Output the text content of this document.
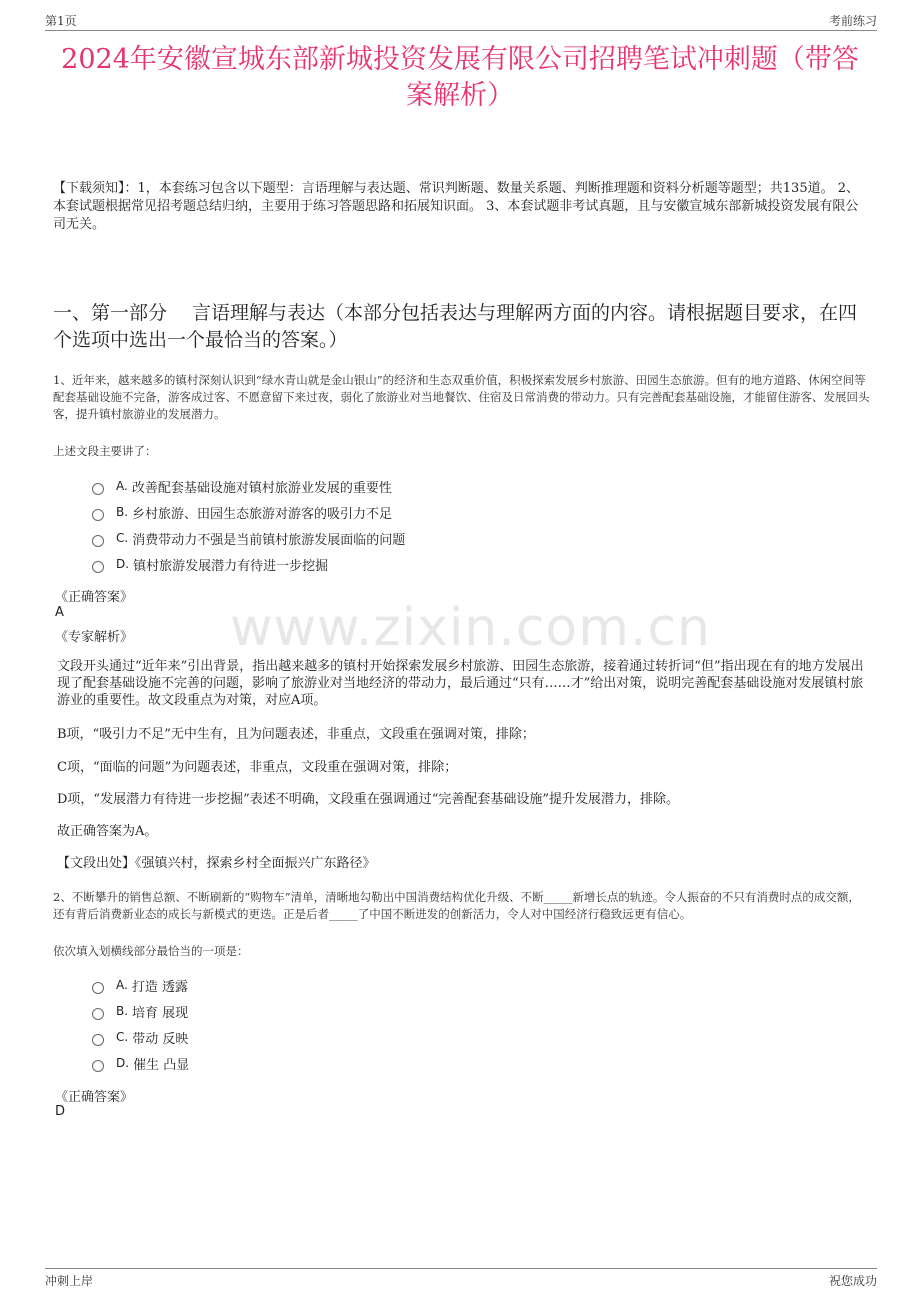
第1页	考前练习
2024年安徽宣城东部新城投资发展有限公司招聘笔试冲刺题（带答案解析）
【下载须知】：1，本套练习包含以下题型：言语理解与表达题、常识判断题、数量关系题、判断推理题和资料分析题等题型；共135道。 2、本套试题根据常见招考题总结归纳，主要用于练习答题思路和拓展知识面。 3、本套试题非考试真题，且与安徽宣城东部新城投资发展有限公司无关。
一、第一部分　 言语理解与表达（本部分包括表达与理解两方面的内容。请根据题目要求，在四个选项中选出一个最恰当的答案。）
www.zixin.com.cn
1、近年来，越来越多的镇村深刻认识到“绿水青山就是金山银山”的经济和生态双重价值，积极探索发展乡村旅游、田园生态旅游。但有的地方道路、休闲空间等配套基础设施不完备，游客成过客、不愿意留下来过夜，弱化了旅游业对当地餐饮、住宿及日常消费的带动力。只有完善配套基础设施，才能留住游客、发展回头客，提升镇村旅游业的发展潜力。
上述文段主要讲了：
A. 改善配套基础设施对镇村旅游业发展的重要性
B. 乡村旅游、田园生态旅游对游客的吸引力不足
C. 消费带动力不强是当前镇村旅游发展面临的问题
D. 镇村旅游发展潜力有待进一步挖掘
《正确答案》
A
《专家解析》
文段开头通过“近年来”引出背景，指出越来越多的镇村开始探索发展乡村旅游、田园生态旅游，接着通过转折词“但”指出现在有的地方发展出现了配套基础设施不完善的问题，影响了旅游业对当地经济的带动力，最后通过“只有……才”给出对策，说明完善配套基础设施对发展镇村旅游业的重要性。故文段重点为对策，对应A项。
B项，“吸引力不足”无中生有，且为问题表述，非重点，文段重在强调对策，排除；
C项，“面临的问题”为问题表述，非重点，文段重在强调对策，排除；
D项，“发展潜力有待进一步挖掘”表述不明确，文段重在强调通过“完善配套基础设施”提升发展潜力，排除。
故正确答案为A。
【文段出处】《强镇兴村，探索乡村全面振兴广东路径》
2、不断攀升的销售总额、不断刷新的“购物车”清单，清晰地勾勒出中国消费结构优化升级、不断_____新增长点的轨迹。令人振奋的不只有消费时点的成交额，还有背后消费新业态的成长与新模式的更迭。正是后者_____了中国不断进发的创新活力，令人对中国经济行稳致远更有信心。
依次填入划横线部分最恰当的一项是：
A. 打造 透露
B. 培育 展现
C. 带动 反映
D. 催生 凸显
《正确答案》
D
冲刺上岸	祝您成功
